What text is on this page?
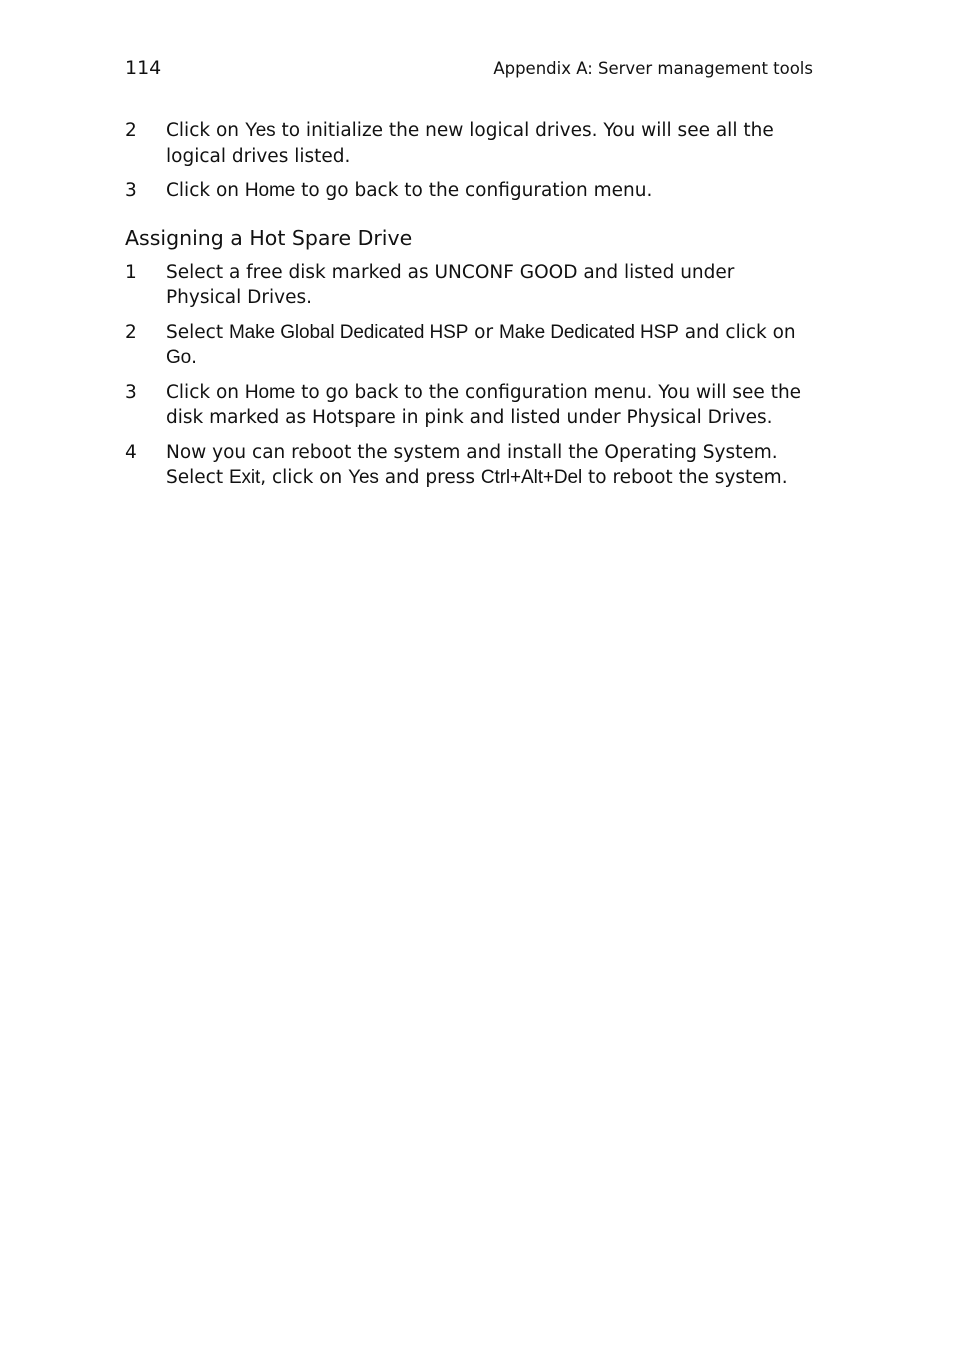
114	Appendix A: Server management tools
2 Click on Yes to initialize the new logical drives. You will see all the logical drives listed.
3 Click on Home to go back to the configuration menu.
Assigning a Hot Spare Drive
1 Select a free disk marked as UNCONF GOOD and listed under Physical Drives.
2 Select Make Global Dedicated HSP or Make Dedicated HSP and click on Go.
3 Click on Home to go back to the configuration menu. You will see the disk marked as Hotspare in pink and listed under Physical Drives.
4 Now you can reboot the system and install the Operating System. Select Exit, click on Yes and press Ctrl+Alt+Del to reboot the system.
